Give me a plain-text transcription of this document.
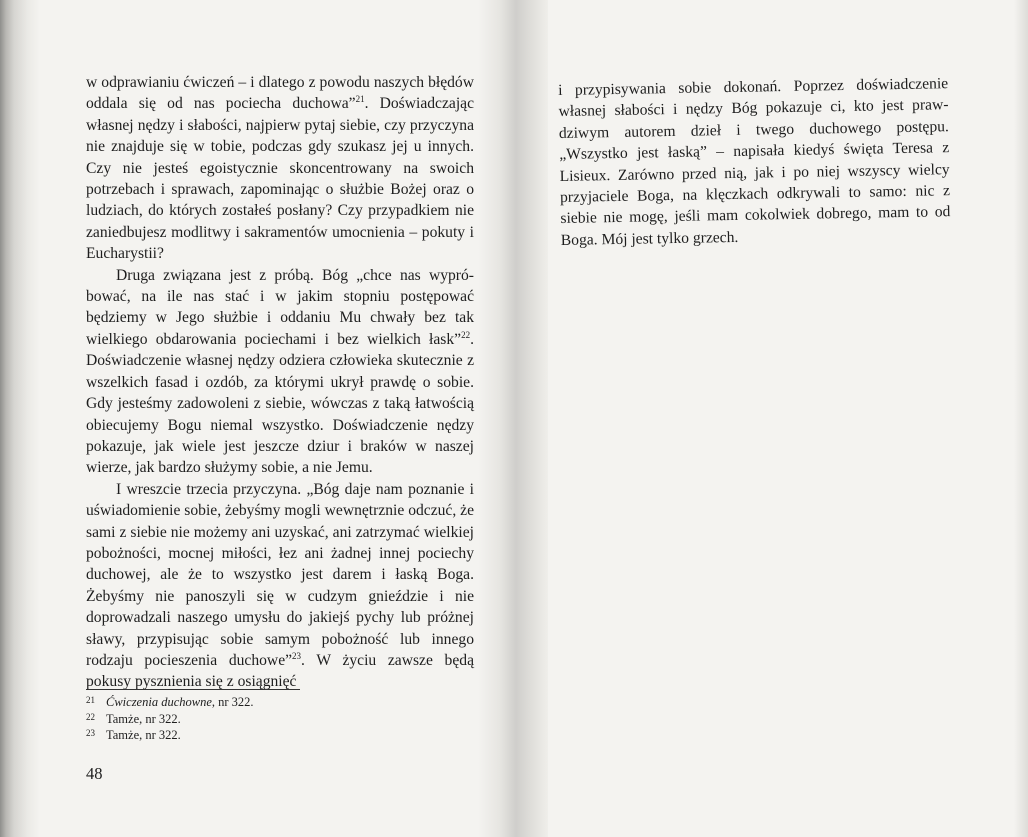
w odprawianiu ćwiczeń – i dlatego z powodu naszych błędów oddala się od nas pociecha duchowa”$^{21}$. Doświadczając własnej nędzy i słabości, najpierw pytaj siebie, czy przyczyna nie znajduje się w tobie, podczas gdy szukasz jej u innych. Czy nie jesteś egoistycznie skoncentrowany na swoich potrzebach i sprawach, zapominając o służbie Bożej oraz o ludziach, do których zostałeś posłany? Czy przypadkiem nie zaniedbujesz modlitwy i sakramentów umocnienia – pokuty i Eucharystii?

Druga związana jest z próbą. Bóg „chce nas wypróbować, na ile nas stać i w jakim stopniu postępować będziemy w Jego służbie i oddaniu Mu chwały bez tak wielkiego obdarowania pociechami i bez wielkich łask”$^{22}$. Doświadczenie własnej nędzy odziera człowieka skutecznie z wszelkich fasad i ozdób, za którymi ukrył prawdę o sobie. Gdy jesteśmy zadowoleni z siebie, wówczas z taką łatwością obiecujemy Bogu niemal wszystko. Doświadczenie nędzy pokazuje, jak wiele jest jeszcze dziur i braków w naszej wierze, jak bardzo służymy sobie, a nie Jemu.

I wreszcie trzecia przyczyna. „Bóg daje nam poznanie i uświadomienie sobie, żebyśmy mogli wewnętrznie odczuć, że sami z siebie nie możemy ani uzyskać, ani zatrzymać wielkiej pobożności, mocnej miłości, łez ani żadnej innej pociechy duchowej, ale że to wszystko jest darem i łaską Boga. Żebyśmy nie panoszyli się w cudzym gnieździe i nie doprowadzali naszego umysłu do jakiejś pychy lub próżnej sławy, przypisując sobie samym pobożność lub innego rodzaju pocieszenia duchowe”$^{23}$. W życiu zawsze będą pokusy pysznienia się z osiągnięć

21 Ćwiczenia duchowne, nr 322.

22 Tamże, nr 322.

23 Tamże, nr 322.

48

i przypisywania sobie dokonań. Poprzez doświadczenie własnej słabości i nędzy Bóg pokazuje ci, kto jest prawdziwym autorem dzieł i twego duchowego postępu. „Wszystko jest łaską” – napisała kiedyś święta Teresa z Lisieux. Zarówno przed nią, jak i po niej wszyscy wielcy przyjaciele Boga, na klęczkach odkrywali to samo: nic z siebie nie mogę, jeśli mam cokolwiek dobrego, mam to od Boga. Mój jest tylko grzech.
